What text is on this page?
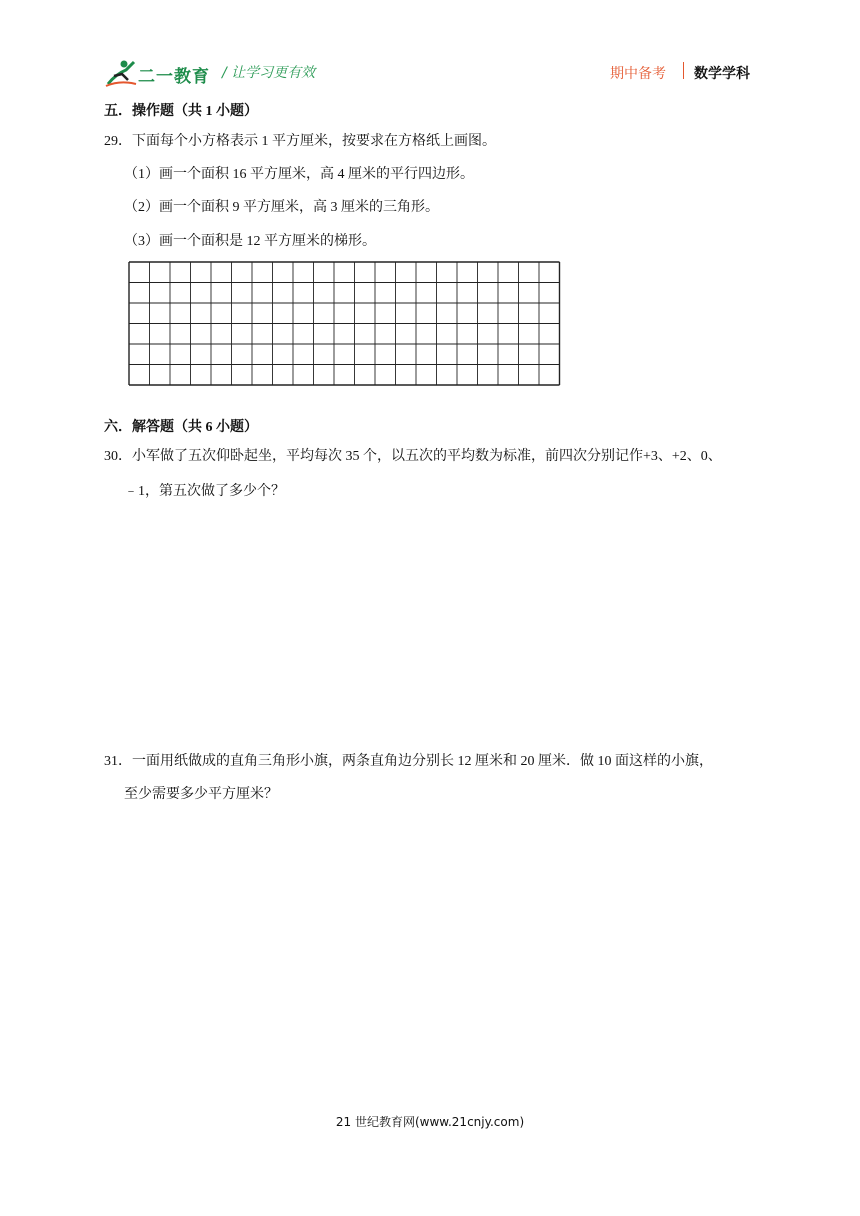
二一教育 / 让学习更有效	期中备考 数学学科
五．操作题（共 1 小题）
29．下面每个小方格表示 1 平方厘米，按要求在方格纸上画图。
（1）画一个面积 16 平方厘米，高 4 厘米的平行四边形。
（2）画一个面积 9 平方厘米，高 3 厘米的三角形。
（3）画一个面积是 12 平方厘米的梯形。
六．解答题（共 6 小题）
30．小军做了五次仰卧起坐，平均每次 35 个，以五次的平均数为标准，前四次分别记作+3、+2、0、
﹣1，第五次做了多少个？
31．一面用纸做成的直角三角形小旗，两条直角边分别长 12 厘米和 20 厘米．做 10 面这样的小旗，
至少需要多少平方厘米？
21 世纪教育网(www.21cnjy.com)
